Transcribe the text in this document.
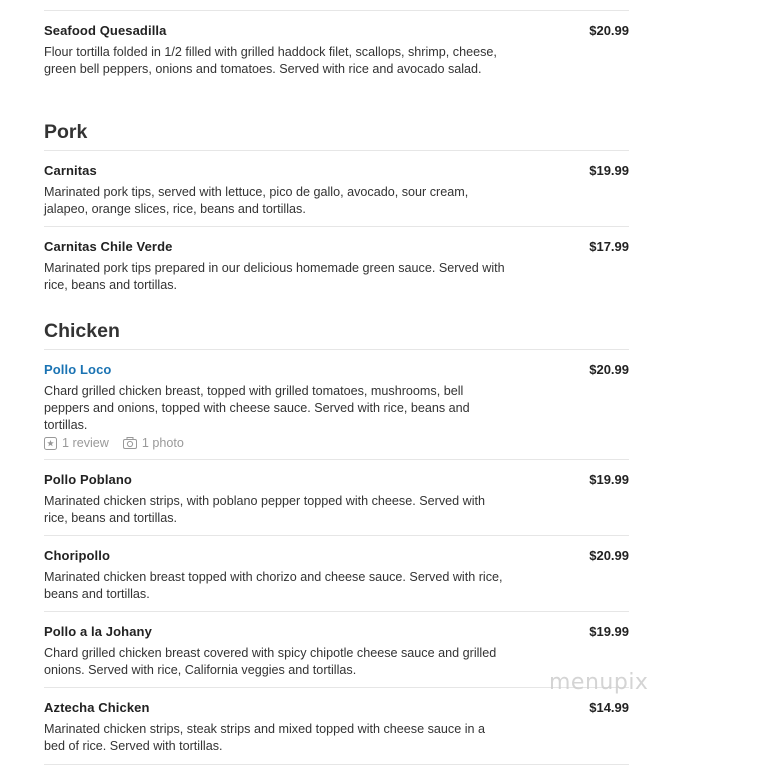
Seafood Quesadilla	$20.99
Flour tortilla folded in 1/2 filled with grilled haddock filet, scallops, shrimp, cheese, green bell peppers, onions and tomatoes. Served with rice and avocado salad.
Pork
Carnitas	$19.99
Marinated pork tips, served with lettuce, pico de gallo, avocado, sour cream, jalapeo, orange slices, rice, beans and tortillas.
Carnitas Chile Verde	$17.99
Marinated pork tips prepared in our delicious homemade green sauce. Served with rice, beans and tortillas.
Chicken
Pollo Loco	$20.99
Chard grilled chicken breast, topped with grilled tomatoes, mushrooms, bell peppers and onions, topped with cheese sauce. Served with rice, beans and tortillas.
1 review	1 photo
Pollo Poblano	$19.99
Marinated chicken strips, with poblano pepper topped with cheese. Served with rice, beans and tortillas.
Choripollo	$20.99
Marinated chicken breast topped with chorizo and cheese sauce. Served with rice, beans and tortillas.
Pollo a la Johany	$19.99
Chard grilled chicken breast covered with spicy chipotle cheese sauce and grilled onions. Served with rice, California veggies and tortillas.
Aztecha Chicken	$14.99
Marinated chicken strips, steak strips and mixed topped with cheese sauce in a bed of rice. Served with tortillas.
menupix
